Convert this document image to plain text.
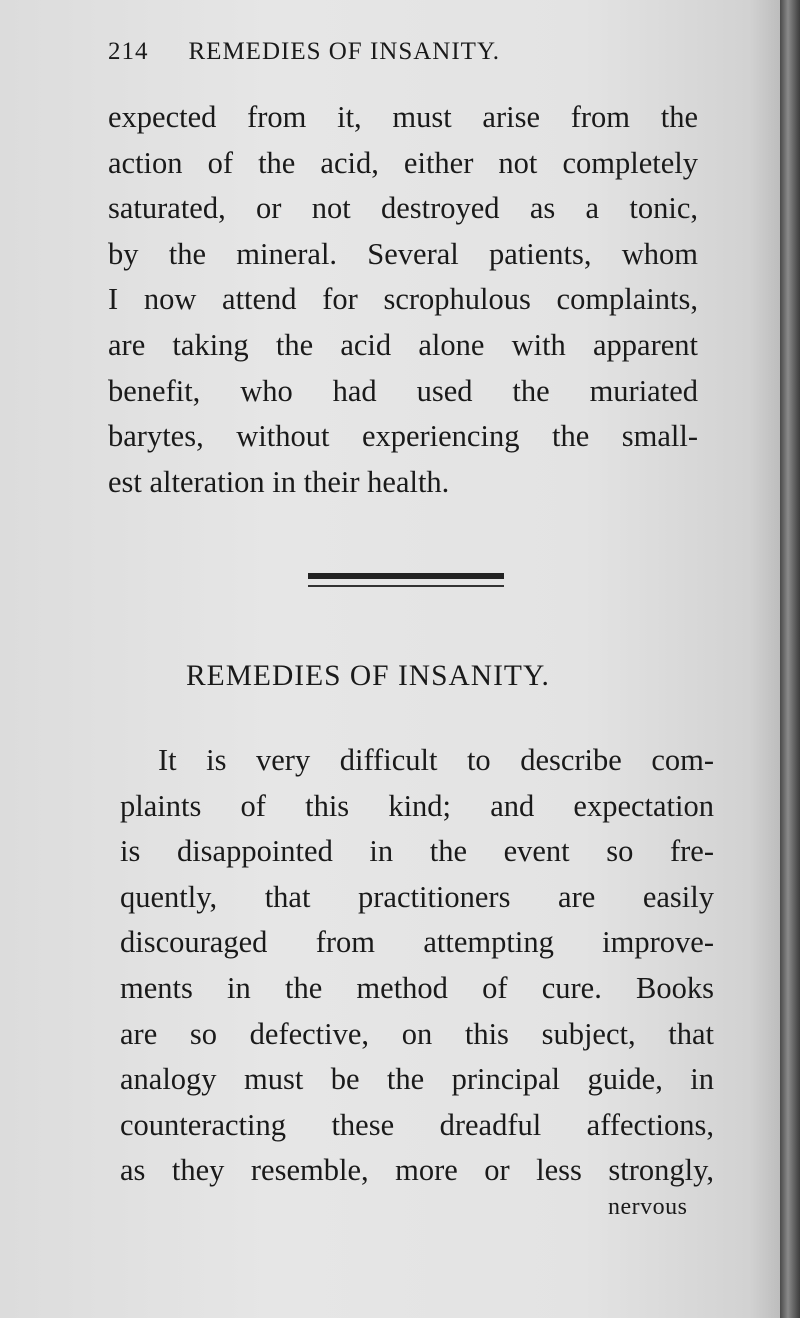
214 REMEDIES OF INSANITY.
expected from it, must arise from the
action of the acid, either not completely
saturated, or not destroyed as a tonic,
by the mineral. Several patients, whom
I now attend for scrophulous complaints,
are taking the acid alone with apparent
benefit, who had used the muriated
barytes, without experiencing the small-
est alteration in their health.
REMEDIES OF INSANITY.
It is very difficult to describe com-
plaints of this kind; and expectation
is disappointed in the event so fre-
quently, that practitioners are easily
discouraged from attempting improve-
ments in the method of cure. Books
are so defective, on this subject, that
analogy must be the principal guide, in
counteracting these dreadful affections,
as they resemble, more or less strongly,
nervous
